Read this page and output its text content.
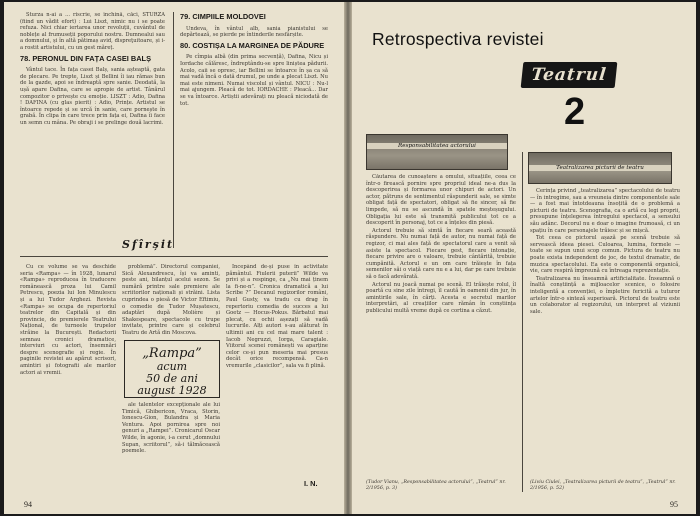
Sturza n-ai a ... riscrie, se închină, căci, STURZA (fiind un vădit efort) : Lui Liszt, nimic nu i se poate refuza. Nici chiar iertarea unor revoluții, cuvântul de noblețe al frumuseții poporului nostru. Dumnealui sau a domnului, și în altă pătimaș avid, dispreţuitoare, și i-a rostit artistului, cu un gest măreț.

78. PERONUL DIN FAȚA CASEI BALȘ

Vântul tace. În fața casei Balș, sania așteaptă, gata de plecare. Pe trepte, Liszt și Bellini îi iau rămas bun de la gazde, apoi se îndreaptă spre sanie. Deodată, la ușă apare Dafina, care se apropie de artist. Tânărul compozitor o privește cu emoție. LISZT : Adio, Dafina ! DAFINA (cu glas pierit) : Adio, Prințe. Artistul se întoarce repede și se urcă în sanie, care pornește în grabă. În clipa în care trece prin fața ei, Dafina îi face un semn cu mâna. Pe obraji i se prelinge două lacrimi.

79. CIMPIILE MOLDOVEI

Undeva, în vântul alb, sania pianistului se depărtează, se pierde pe întinderile nesfârșite.

80. COSTIȘA LA MARGINEA DE PĂDURE

Pe cîmpia albă (din prima secvență), Dafina, Nicu și Iordache călăresc, îndreptându-se spre liniștea pădurii. Acolo, caii se opresc, iar Bellini se întoarce în șa ca să mai vadă încă o dată drumul, pe unde a plecat Liszt. Nu mai este nimeni. Numai viscolul și vântul. NICU : Nu-l mai ajungem. Pleacă de tot. IORDACHE : Pleacă... Dar se va întoarce. Artiștii adevărați nu pleacă niciodată de tot.

Sfîrșit

Cu ce volume se va deschide seria «Rampa» — în 1928, lunarul «Rampa» reproducea în traducere românească proza lui Camil Petrescu, poezia lui Ion Minulescu și a lui Tudor Arghezi. Revista «Rampa» se ocupa de repertoriul teatrelor din Capitală și din provincie, de premierele Teatrului Național, de turneele trupelor străine la București. Redactorii semnau cronici dramatice, interviuri cu actori, însemnări despre scenografie și regie. În paginile revistei au apărut scrisori, amintiri și fotografii ale marilor actori ai vremii.

problemă”. Directorul companiei, Sică Alexandrescu, își va aminti, peste ani, bilanțul acelui sezon. Se numără printre sale premiere ale scriitorilor naționali și străini. Lista cuprindea o piesă de Victor Eftimiu, o comedie de Tudor Mușatescu, adaptări după Molière și Shakespeare, spectacole cu trupe invitate, printre care și celebrul Teatru de Artă din Moscova.

„Rampa”
acum
50 de ani
august 1928

ale talentelor excepționale ale lui Timică, Ghibericon, Vraca, Storin, Ionescu-Gion, Bulandra și Maria Ventura. Apoi pornirea spre noi genuri a „Rampei”. Cronicarul Oscar Wilde, în agonie, i-a cerut „domnului Supan, scriitorul”, să-i tălmăcească poemele.

Începând de-și puse în activitate pământul. Fiulerii puterii” Wilde va privi și a respinge, ca „Nu mai ținem la fi-ne-n”. Cronica dramatică a lui Scribe ?” Decanul regizorilor români, Paul Gusty, va tradu cu drag în repertoriu comedia de succes a lui Goetz — Hocus-Pokus. Bărbatul mai plecat, cu ochii așezați să vadă lucrurile. Alți autori s-au alăturat în ultimii ani cu cel mai mare talent : Iacob Negruzzi, Iorga, Caragiale. Viitorul scenei românești va aparține celor ce-și pun meseria mai presus decât orice recompensă. Ca-n vremurile „clasicilor”, sala va fi plină.

I. N.
94
Retrospectiva revistei
Teatrul
2
Responsabilitatea actorului
Teatralizarea picturii de teatru

Căutarea de cunoaștere a omului, situațiile, ceea ce într-o firească pornire spre propriul ideal ne-a dus la descoperirea și formarea unor chipuri de actori. Un actor, pătruns de sentimentul răspunderii sale, se simte obligat față de spectatori, obligat să fie sincer, să fie limpede, să nu se ascundă în spatele meșteșugului. Obligația lui este să transmită publicului tot ce a descoperit în personaj, tot ce a înțeles din piesă.

Actorul trebuie să simtă în fiecare seară această răspundere. Nu numai față de autor, nu numai față de regizor, ci mai ales față de spectatorul care a venit să asiste la spectacol. Fiecare gest, fiecare intonație, fiecare privire are o valoare, trebuie cântărită, trebuie cumpănită. Actorul e un om care trăiește în fața semenilor săi o viață care nu e a lui, dar pe care trebuie să o facă adevărată.

Actorul nu joacă numai pe scenă. El trăiește rolul, îl poartă cu sine zile întregi, îl caută în oamenii din jur, în amintirile sale, în cărți. Acesta e secretul marilor interpretări, al creațiilor care rămân în conștiința publicului multă vreme după ce cortina a căzut.

(Tudor Vianu, „Responsabilitatea actorului”, „Teatrul” nr. 2/1956, p. 3)

Cerința privind „teatralizarea” spectacolului de teatru — în intregime, sau a vreuneia dintre componentele sale — a fost mai întotdeauna însoțită de o problemă a picturii de teatru. Scenografia, ca o artă cu legi proprii, presupune înțelegerea întregului spectacol, a sensului său adânc. Decorul nu e doar o imagine frumoasă, ci un spațiu în care personajele trăiesc și se mișcă.

Tot ceea ce pictorul așază pe scenă trebuie să servească ideea piesei. Culoarea, lumina, formele — toate se supun unui scop comun. Pictura de teatru nu poate exista independent de joc, de textul dramatic, de muzica spectacolului. Ea este o componentă organică, vie, care respiră împreună cu întreaga reprezentație.

Teatralizarea nu înseamnă artificialitate. Înseamnă o înaltă conștiință a mijloacelor scenice, o folosire inteligentă a convenției, o împletire fericită a tuturor artelor într-o sinteză superioară. Pictorul de teatru este un colaborator al regizorului, un interpret al viziunii sale.

(Liviu Ciulei, „Teatralizarea picturii de teatru”, „Teatrul” nr. 2/1956, p. 52)
95
